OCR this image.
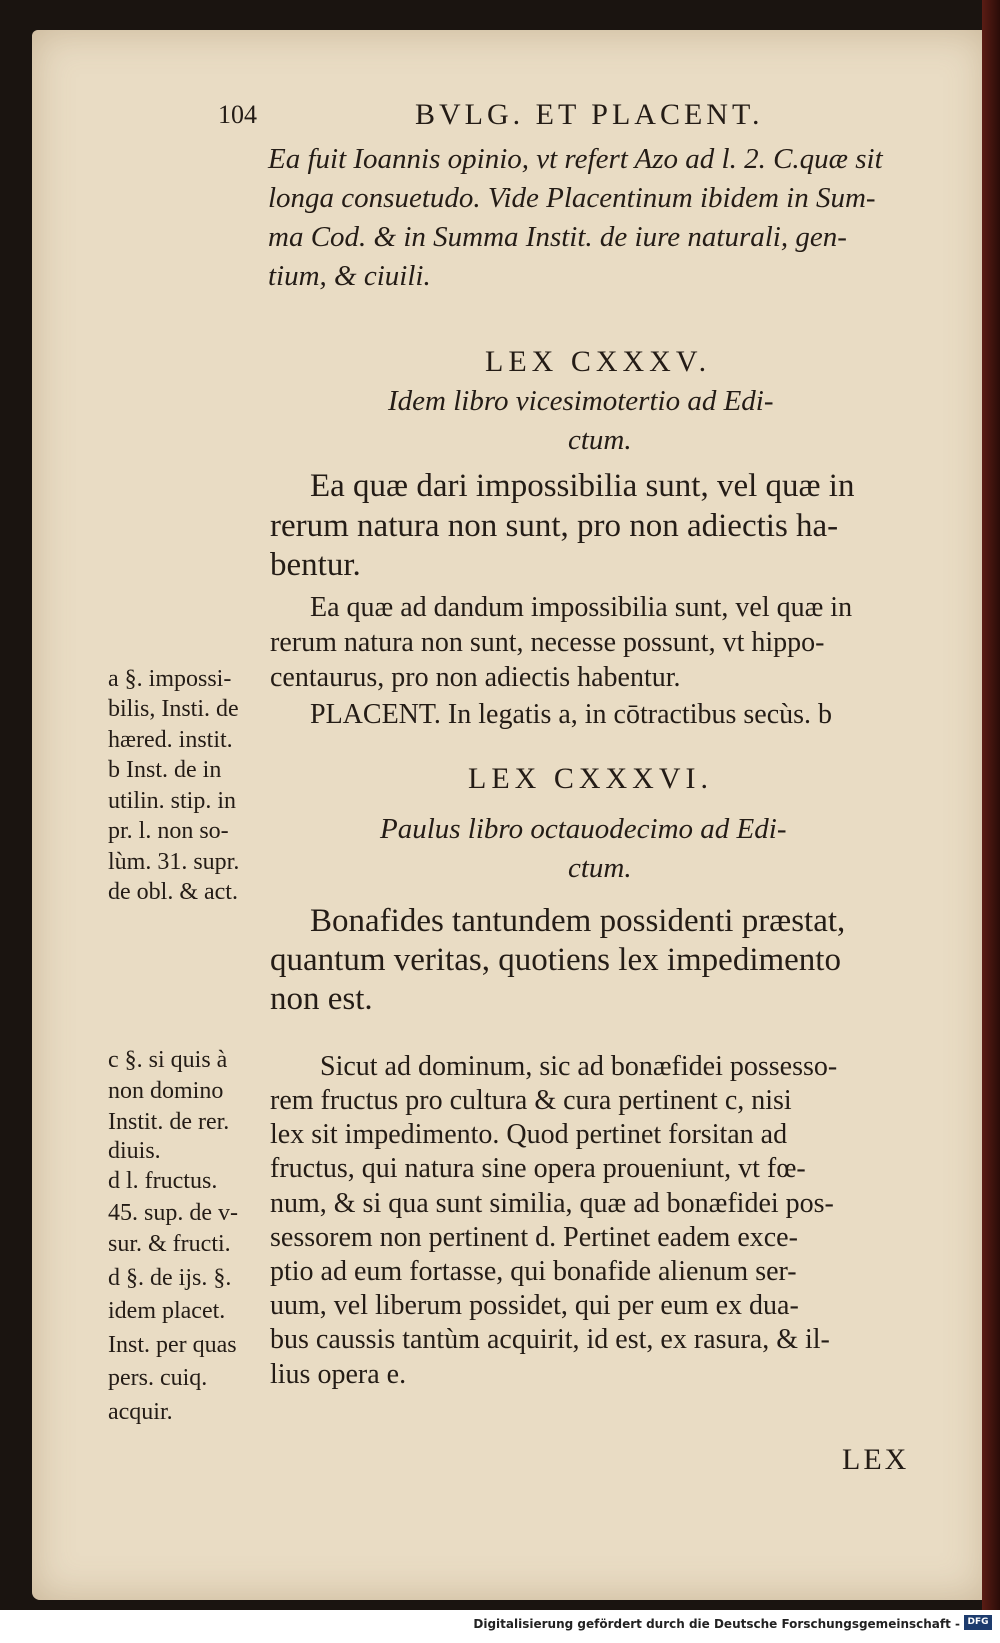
104	BVLG. ET PLACENT.
Ea fuit Ioannis opinio, vt refert Azo ad l. 2. C.quæ sit
longa consuetudo. Vide Placentinum ibidem in Sum-
ma Cod. & in Summa Instit. de iure naturali, gen-
tium, & ciuili.
LEX CXXXV.
Idem libro vicesimotertio ad Edi-
ctum.
Ea quæ dari impossibilia sunt, vel quæ in
rerum natura non sunt, pro non adiectis ha-
bentur.
Ea quæ ad dandum impossibilia sunt, vel quæ in
rerum natura non sunt, necesse possunt, vt hippo-
centaurus, pro non adiectis habentur.
PLACENT. In legatis a, in cōtractibus secùs. b
a §. impossi-
bilis, Insti. de
hæred. instit.
b Inst. de in
utilin. stip. in
pr. l. non so-
lùm. 31. supr.
de obl. & act.
LEX CXXXVI.
Paulus libro octauodecimo ad Edi-
ctum.
Bonafides tantundem possidenti præstat,
quantum veritas, quotiens lex impedimento
non est.
Sicut ad dominum, sic ad bonæfidei possesso-
rem fructus pro cultura & cura pertinent c, nisi
lex sit impedimento. Quod pertinet forsitan ad
fructus, qui natura sine opera proueniunt, vt fœ-
num, & si qua sunt similia, quæ ad bonæfidei pos-
sessorem non pertinent d. Pertinet eadem exce-
ptio ad eum fortasse, qui bonafide alienum ser-
uum, vel liberum possidet, qui per eum ex dua-
bus caussis tantùm acquirit, id est, ex rasura, & il-
lius opera e.
c §. si quis à
non domino
Instit. de rer.
diuis.
d l. fructus.
45. sup. de v-
sur. & fructi.
d §. de ijs. §.
idem placet.
Inst. per quas
pers. cuiq.
acquir.
LEX
Digitalisierung gefördert durch die Deutsche Forschungsgemeinschaft - DFG
